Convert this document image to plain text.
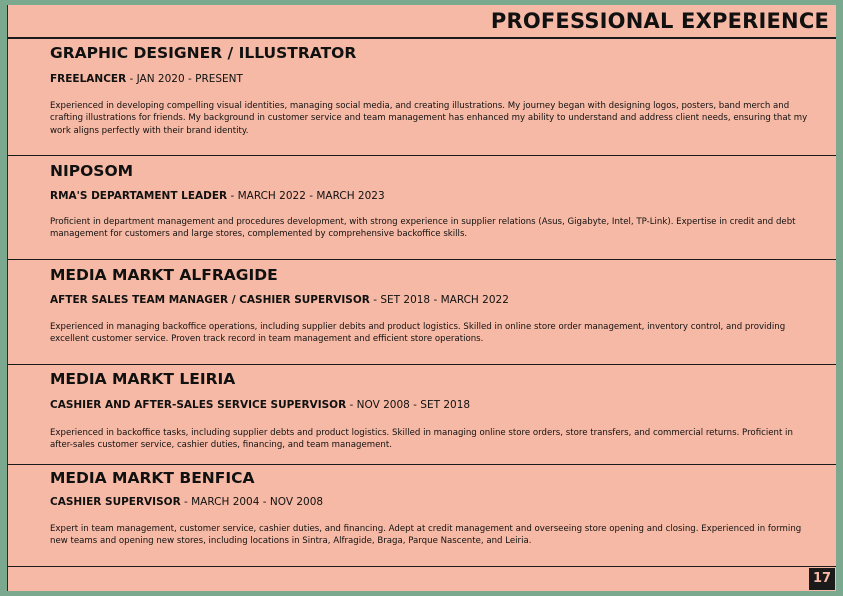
PROFESSIONAL EXPERIENCE
GRAPHIC DESIGNER / ILLUSTRATOR
FREELANCER - JAN 2020 - PRESENT
Experienced in developing compelling visual identities, managing social media, and creating illustrations. My journey began with designing logos, posters, band merch and crafting illustrations for friends. My background in customer service and team management has enhanced my ability to understand and address client needs, ensuring that my work aligns perfectly with their brand identity.
NIPOSOM
RMA'S DEPARTAMENT LEADER - MARCH 2022 - MARCH 2023
Proficient in department management and procedures development, with strong experience in supplier relations (Asus, Gigabyte, Intel, TP-Link). Expertise in credit and debt management for customers and large stores, complemented by comprehensive backoffice skills.
MEDIA MARKT ALFRAGIDE
AFTER SALES TEAM MANAGER / CASHIER SUPERVISOR - SET 2018 - MARCH 2022
Experienced in managing backoffice operations, including supplier debits and product logistics. Skilled in online store order management, inventory control, and providing excellent customer service. Proven track record in team management and efficient store operations.
MEDIA MARKT LEIRIA
CASHIER AND AFTER-SALES SERVICE SUPERVISOR - NOV 2008 - SET 2018
Experienced in backoffice tasks, including supplier debts and product logistics. Skilled in managing online store orders, store transfers, and commercial returns. Proficient in after-sales customer service, cashier duties, financing, and team management.
MEDIA MARKT BENFICA
CASHIER SUPERVISOR - MARCH 2004 - NOV 2008
Expert in team management, customer service, cashier duties, and financing. Adept at credit management and overseeing store opening and closing. Experienced in forming new teams and opening new stores, including locations in Sintra, Alfragide, Braga, Parque Nascente, and Leiria.
17
